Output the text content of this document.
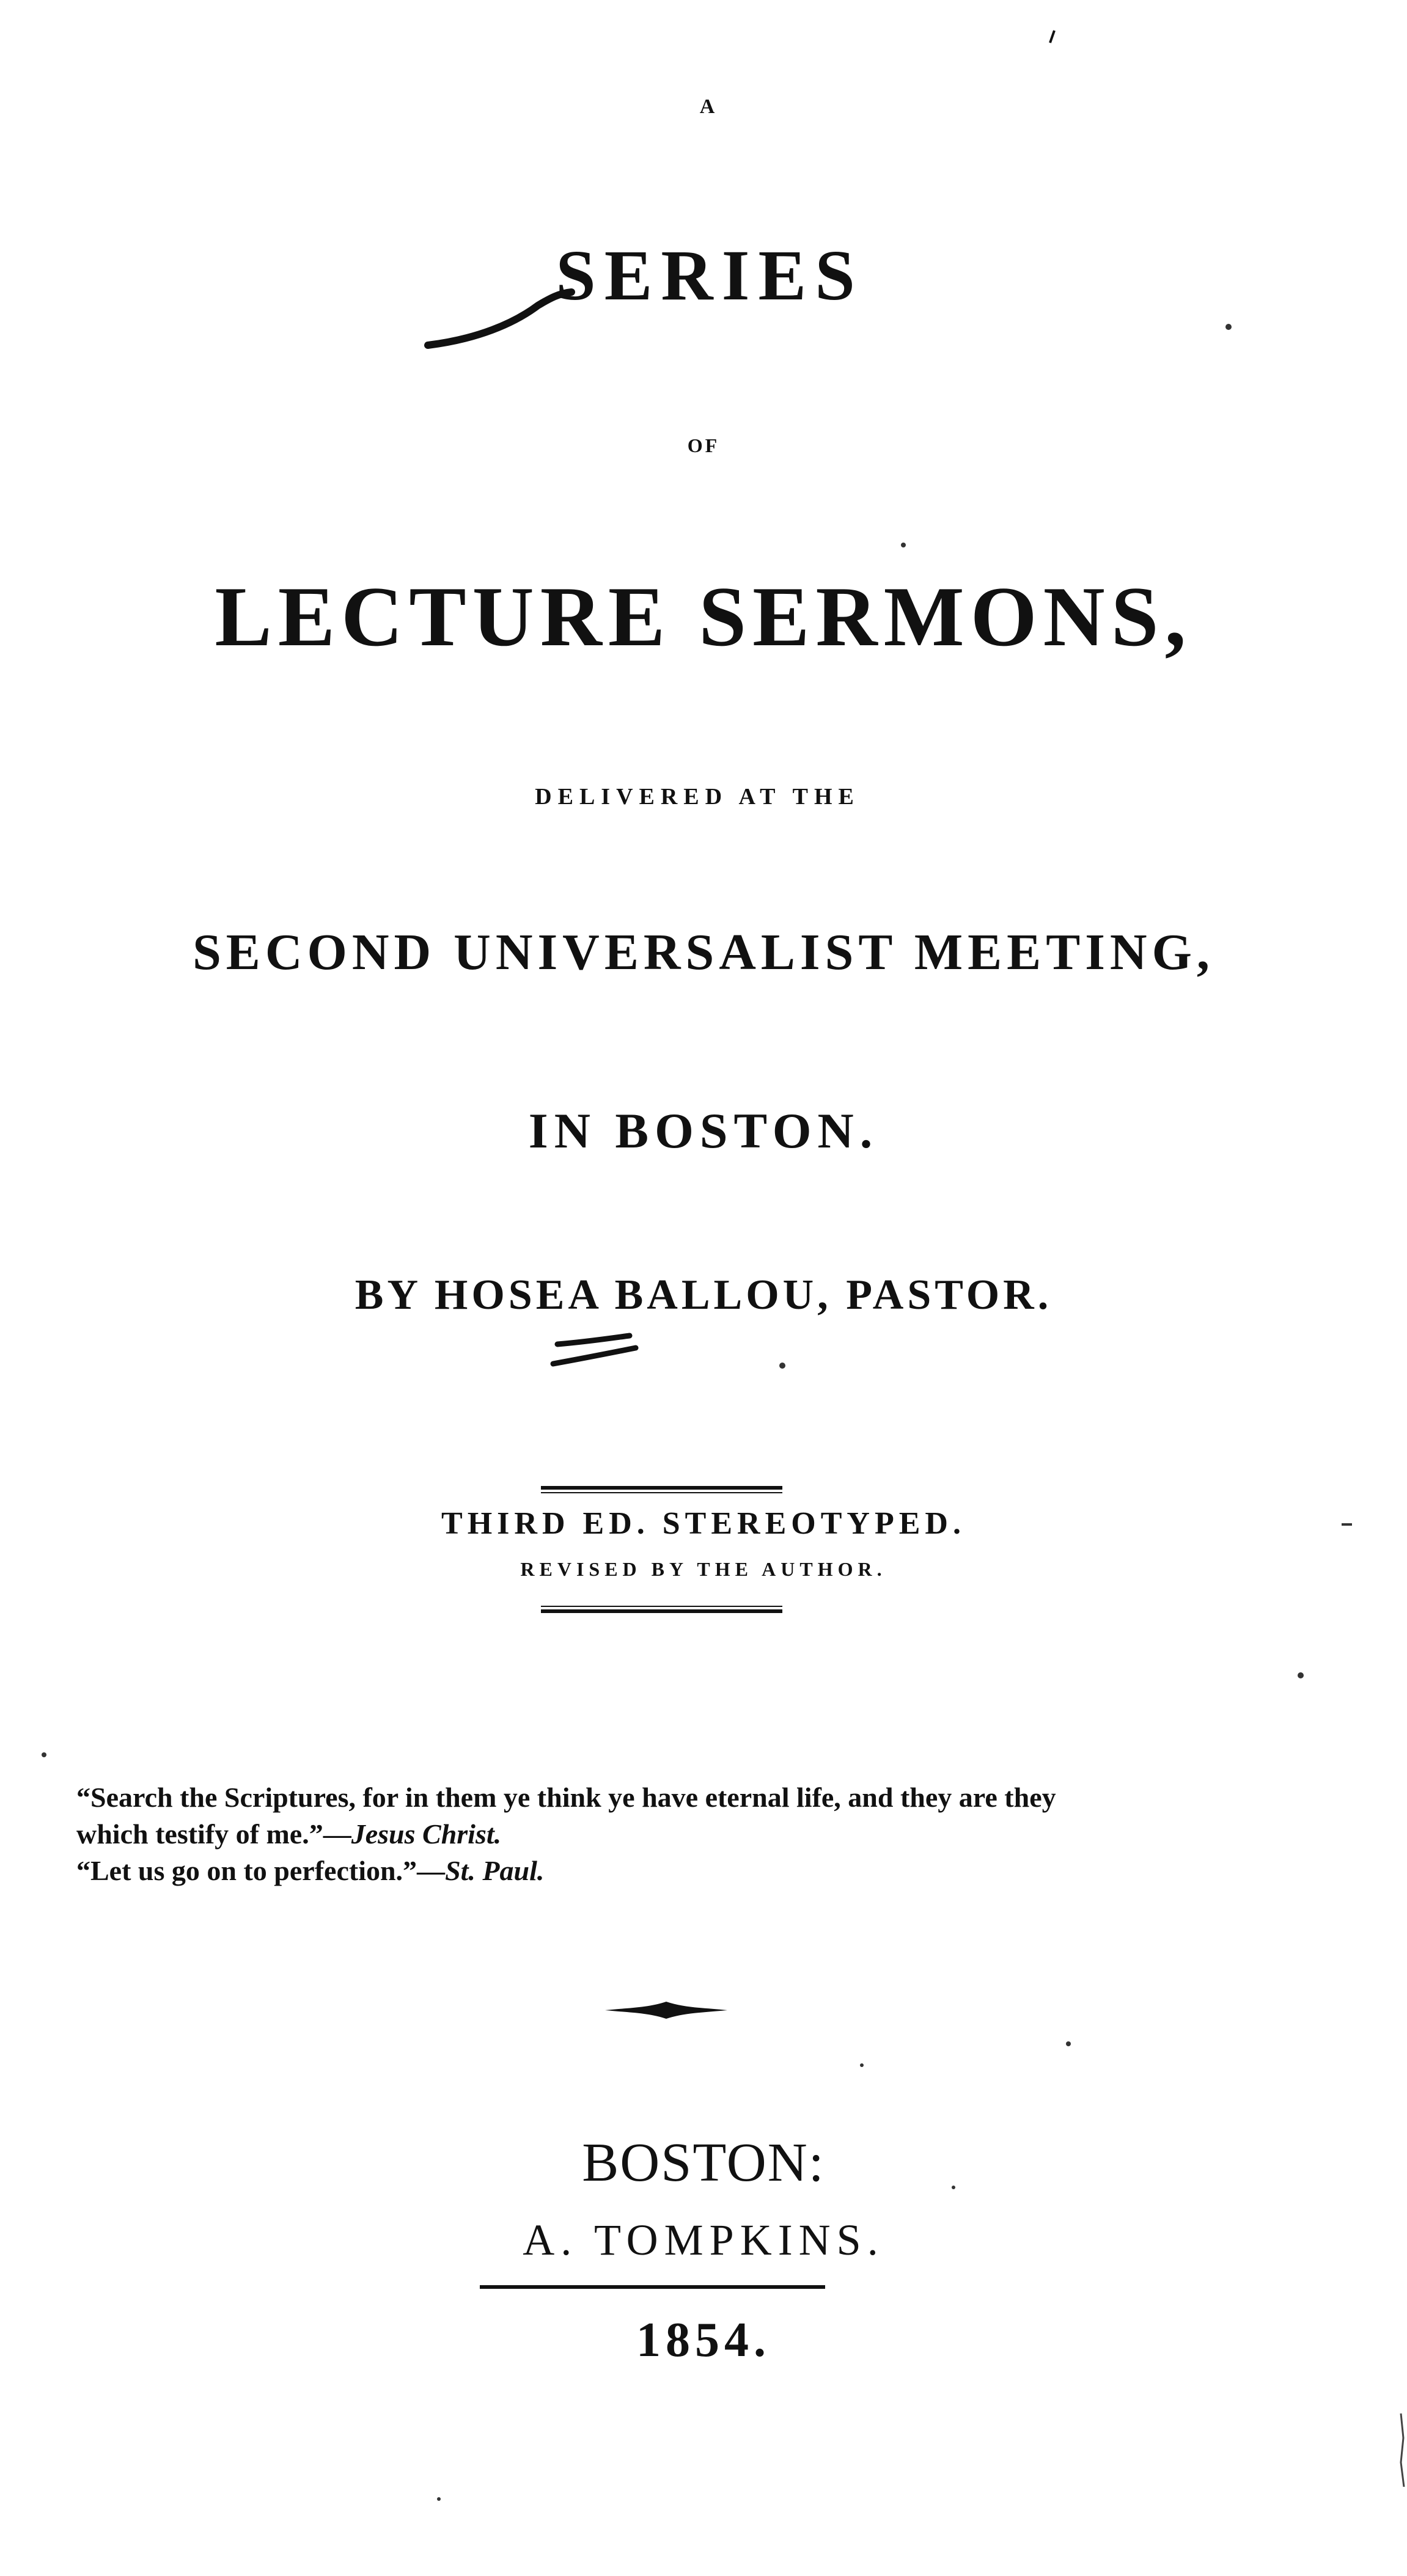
A
SERIES
OF
LECTURE SERMONS,
DELIVERED AT THE
SECOND UNIVERSALIST MEETING,
IN BOSTON.
BY HOSEA BALLOU, PASTOR.
THIRD ED. STEREOTYPED.
REVISED BY THE AUTHOR.
“Search the Scriptures, for in them ye think ye have eternal life, and they are they
which testify of me.”—Jesus Christ.
“Let us go on to perfection.”—St. Paul.
BOSTON:
A. TOMPKINS.
1854.
